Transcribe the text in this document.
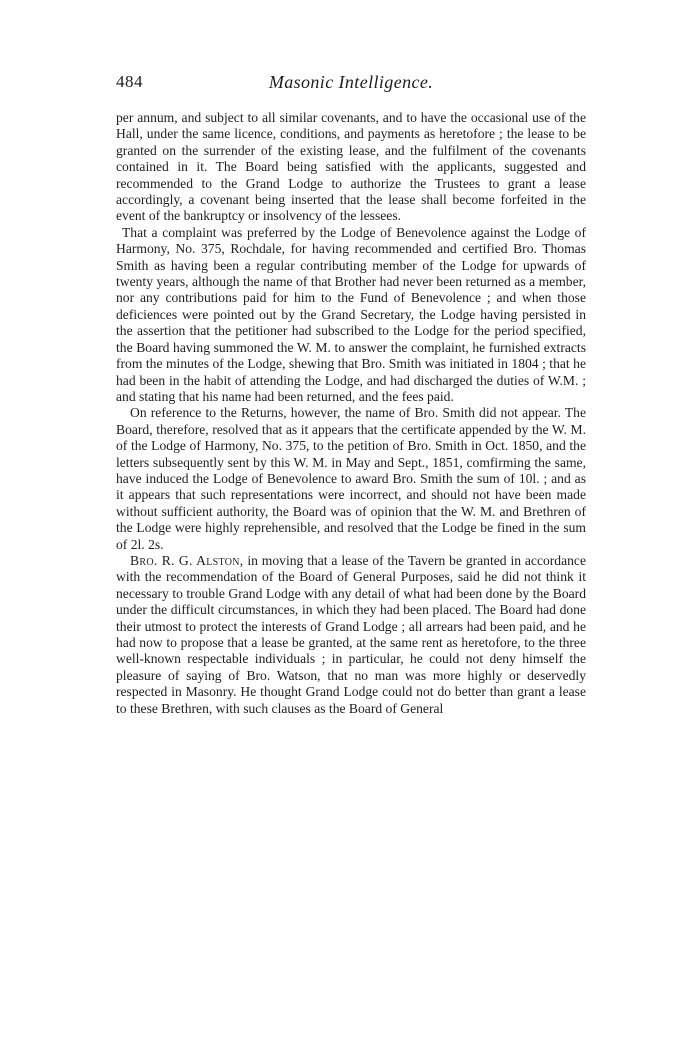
484	Masonic Intelligence.

per annum, and subject to all similar covenants, and to have the occasional use of the Hall, under the same licence, conditions, and payments as heretofore ; the lease to be granted on the surrender of the existing lease, and the fulfilment of the covenants contained in it. The Board being satisfied with the applicants, suggested and recommended to the Grand Lodge to authorize the Trustees to grant a lease accordingly, a covenant being inserted that the lease shall become forfeited in the event of the bankruptcy or insolvency of the lessees.

That a complaint was preferred by the Lodge of Benevolence against the Lodge of Harmony, No. 375, Rochdale, for having recommended and certified Bro. Thomas Smith as having been a regular contributing member of the Lodge for upwards of twenty years, although the name of that Brother had never been returned as a member, nor any contributions paid for him to the Fund of Benevolence ; and when those deficiences were pointed out by the Grand Secretary, the Lodge having persisted in the assertion that the petitioner had subscribed to the Lodge for the period specified, the Board having summoned the W. M. to answer the complaint, he furnished extracts from the minutes of the Lodge, shewing that Bro. Smith was initiated in 1804 ; that he had been in the habit of attending the Lodge, and had discharged the duties of W.M. ; and stating that his name had been returned, and the fees paid.

On reference to the Returns, however, the name of Bro. Smith did not appear. The Board, therefore, resolved that as it appears that the certificate appended by the W. M. of the Lodge of Harmony, No. 375, to the petition of Bro. Smith in Oct. 1850, and the letters subsequently sent by this W. M. in May and Sept., 1851, comfirming the same, have induced the Lodge of Benevolence to award Bro. Smith the sum of 10l. ; and as it appears that such representations were incorrect, and should not have been made without sufficient authority, the Board was of opinion that the W. M. and Brethren of the Lodge were highly reprehensible, and resolved that the Lodge be fined in the sum of 2l. 2s.

Bro. R. G. Alston, in moving that a lease of the Tavern be granted in accordance with the recommendation of the Board of General Purposes, said he did not think it necessary to trouble Grand Lodge with any detail of what had been done by the Board under the difficult circumstances, in which they had been placed. The Board had done their utmost to protect the interests of Grand Lodge ; all arrears had been paid, and he had now to propose that a lease be granted, at the same rent as heretofore, to the three well-known respectable individuals ; in particular, he could not deny himself the pleasure of saying of Bro. Watson, that no man was more highly or deservedly respected in Masonry. He thought Grand Lodge could not do better than grant a lease to these Brethren, with such clauses as the Board of General
